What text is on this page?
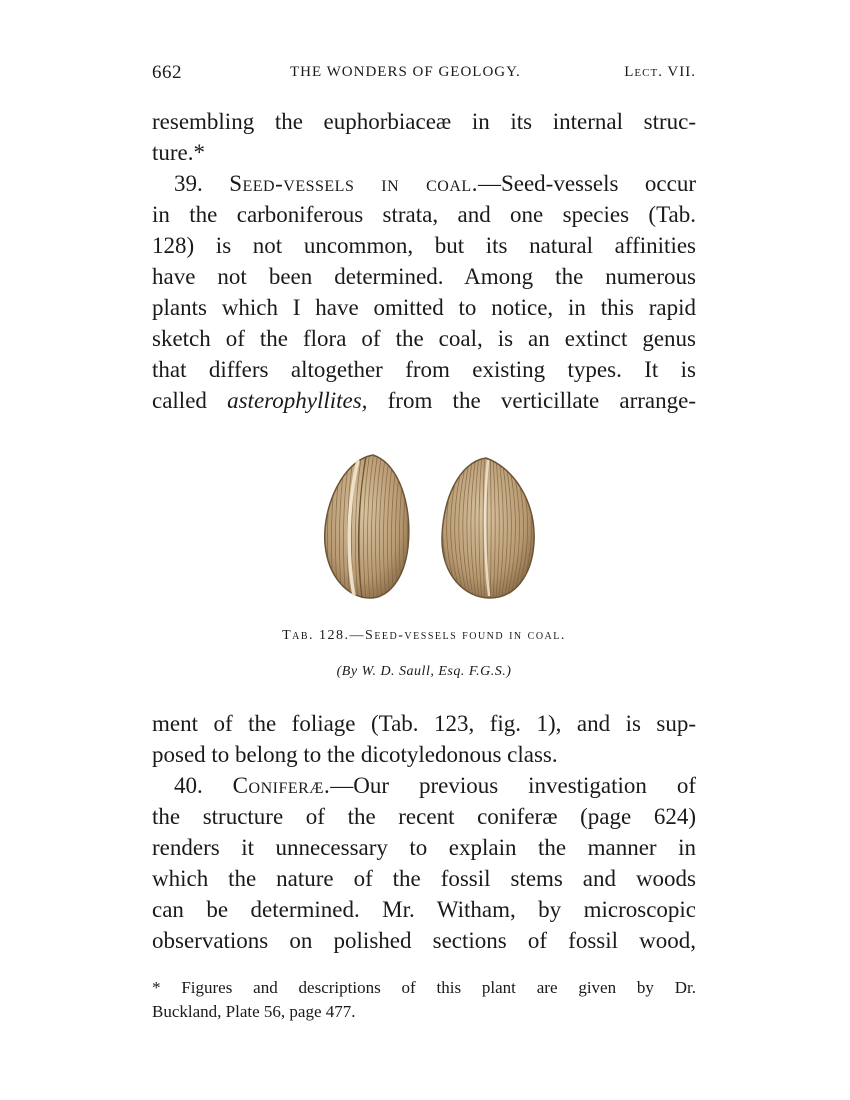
662	THE WONDERS OF GEOLOGY.	Lect. VII.
resembling the euphorbiaceæ in its internal struc-
ture.*
39. Seed-vessels in coal.—Seed-vessels occur
in the carboniferous strata, and one species (Tab.
128) is not uncommon, but its natural affinities
have not been determined. Among the numerous
plants which I have omitted to notice, in this rapid
sketch of the flora of the coal, is an extinct genus
that differs altogether from existing types. It is
called asterophyllites, from the verticillate arrange-
Tab. 128.—Seed-vessels found in coal.
(By W. D. Saull, Esq. F.G.S.)
ment of the foliage (Tab. 123, fig. 1), and is sup-
posed to belong to the dicotyledonous class.
40. Coniferæ.—Our previous investigation of
the structure of the recent coniferæ (page 624)
renders it unnecessary to explain the manner in
which the nature of the fossil stems and woods
can be determined. Mr. Witham, by microscopic
observations on polished sections of fossil wood,
* Figures and descriptions of this plant are given by Dr.
Buckland, Plate 56, page 477.
